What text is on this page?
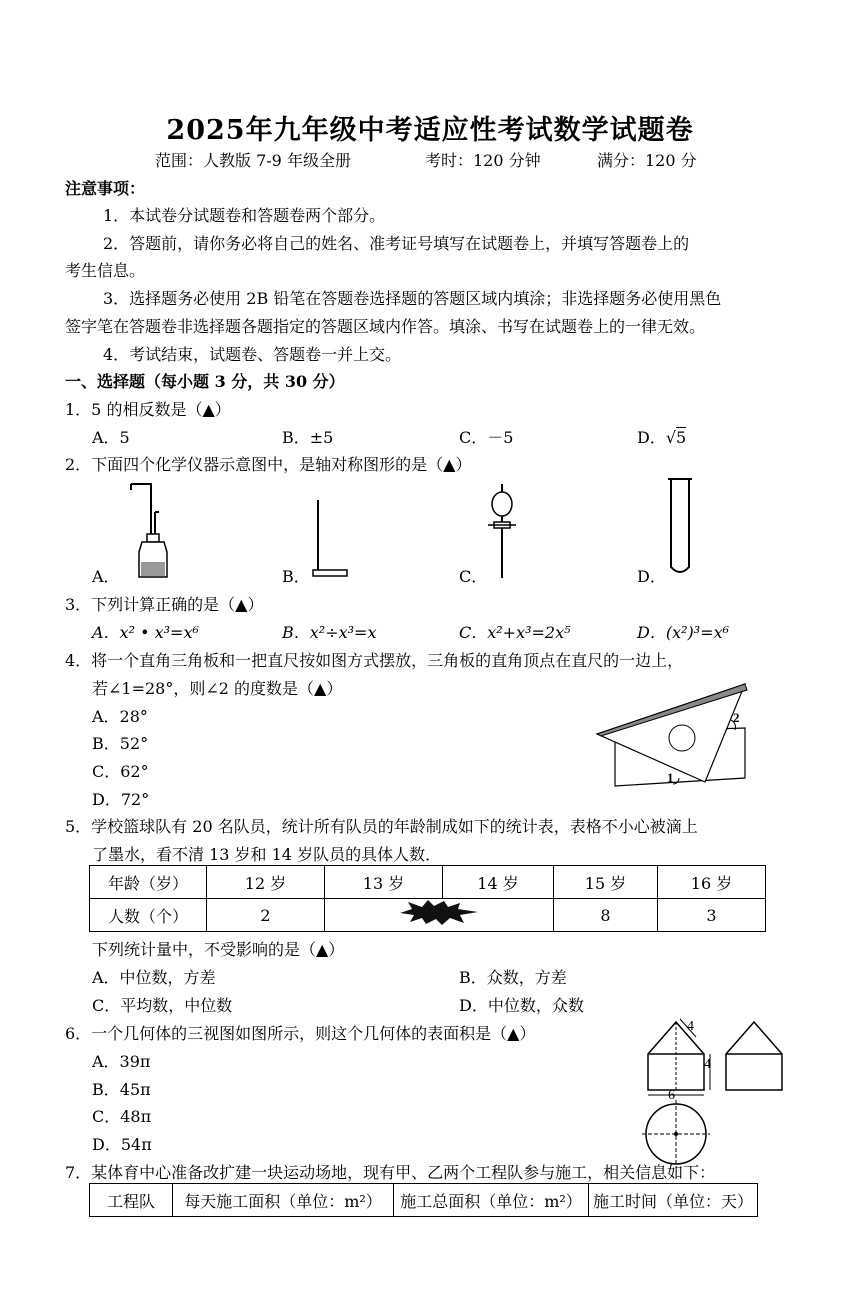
2025年九年级中考适应性考试数学试题卷
范围：人教版 7-9 年级全册	考时：120 分钟	满分：120 分
注意事项：
1．本试卷分试题卷和答题卷两个部分。
2．答题前，请你务必将自己的姓名、准考证号填写在试题卷上，并填写答题卷上的
考生信息。
3．选择题务必使用 2B 铅笔在答题卷选择题的答题区域内填涂；非选择题务必使用黑色
签字笔在答题卷非选择题各题指定的答题区域内作答。填涂、书写在试题卷上的一律无效。
4．考试结束，试题卷、答题卷一并上交。
一、选择题（每小题 3 分，共 30 分）
1．5 的相反数是（▲）
A．5	B．±5	C．－5	D．√5
2．下面四个化学仪器示意图中，是轴对称图形的是（▲）
A．	B．	C．	D．
3．下列计算正确的是（▲）
A．x² • x³=x⁶	B．x²÷x³=x	C．x²+x³=2x⁵	D．(x²)³=x⁶
4．将一个直角三角板和一把直尺按如图方式摆放，三角板的直角顶点在直尺的一边上，
若∠1=28°，则∠2 的度数是（▲）
A．28°
B．52°
C．62°
D．72°
2
1
5．学校篮球队有 20 名队员，统计所有队员的年龄制成如下的统计表，表格不小心被滴上
了墨水，看不清 13 岁和 14 岁队员的具体人数．
年龄（岁）	12 岁	13 岁	14 岁	15 岁	16 岁
人数（个）	2			8	3
下列统计量中，不受影响的是（▲）
A．中位数，方差	B．众数，方差
C．平均数，中位数	D．中位数，众数
6．一个几何体的三视图如图所示，则这个几何体的表面积是（▲）
A．39π
B．45π
C．48π
D．54π
4
4
6
7．某体育中心准备改扩建一块运动场地，现有甲、乙两个工程队参与施工，相关信息如下：
工程队	每天施工面积（单位：m²）	施工总面积（单位：m²）	施工时间（单位：天）
